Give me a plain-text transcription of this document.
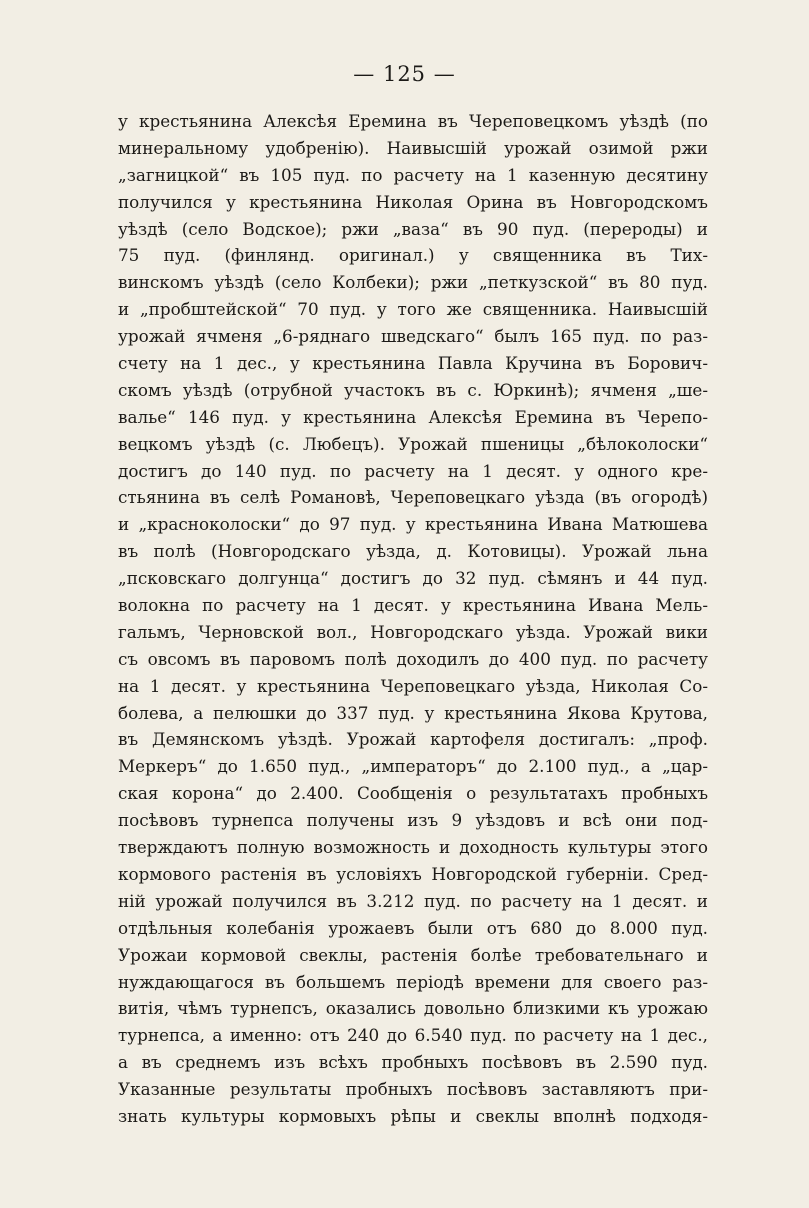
— 125 —
у крестьянина Алексѣя Еремина въ Череповецкомъ уѣздѣ (по
минеральному удобренію). Наивысшій урожай озимой ржи
„загницкой“ въ 105 пуд. по расчету на 1 казенную десятину
получился у крестьянина Николая Орина въ Новгородскомъ
уѣздѣ (село Водское); ржи „ваза“ въ 90 пуд. (перероды) и
75 пуд. (финлянд. оригинал.) у священника въ Тих-
винскомъ уѣздѣ (село Колбеки); ржи „петкузской“ въ 80 пуд.
и „пробштейской“ 70 пуд. у того же священника. Наивысшій
урожай ячменя „6-ряднаго шведскаго“ былъ 165 пуд. по раз-
счету на 1 дес., у крестьянина Павла Кручина въ Борович-
скомъ уѣздѣ (отрубной участокъ въ с. Юркинѣ); ячменя „ше-
валье“ 146 пуд. у крестьянина Алексѣя Еремина въ Черепо-
вецкомъ уѣздѣ (с. Любецъ). Урожай пшеницы „бѣлоколоски“
достигъ до 140 пуд. по расчету на 1 десят. у одного кре-
стьянина въ селѣ Романовѣ, Череповецкаго уѣзда (въ огородѣ)
и „красноколоски“ до 97 пуд. у крестьянина Ивана Матюшева
въ полѣ (Новгородскаго уѣзда, д. Котовицы). Урожай льна
„псковскаго долгунца“ достигъ до 32 пуд. сѣмянъ и 44 пуд.
волокна по расчету на 1 десят. у крестьянина Ивана Мель-
гальмъ, Черновской вол., Новгородскаго уѣзда. Урожай вики
съ овсомъ въ паровомъ полѣ доходилъ до 400 пуд. по расчету
на 1 десят. у крестьянина Череповецкаго уѣзда, Николая Со-
болева, а пелюшки до 337 пуд. у крестьянина Якова Крутова,
въ Демянскомъ уѣздѣ. Урожай картофеля достигалъ: „проф.
Меркеръ“ до 1.650 пуд., „императоръ“ до 2.100 пуд., а „цар-
ская корона“ до 2.400. Сообщенія о результатахъ пробныхъ
посѣвовъ турнепса получены изъ 9 уѣздовъ и всѣ они под-
тверждаютъ полную возможность и доходность культуры этого
кормового растенія въ условіяхъ Новгородской губерніи. Сред-
ній урожай получился въ 3.212 пуд. по расчету на 1 десят. и
отдѣльныя колебанія урожаевъ были отъ 680 до 8.000 пуд.
Урожаи кормовой свеклы, растенія болѣе требовательнаго и
нуждающагося въ большемъ періодѣ времени для своего раз-
витія, чѣмъ турнепсъ, оказались довольно близкими къ урожаю
турнепса, а именно: отъ 240 до 6.540 пуд. по расчету на 1 дес.,
а въ среднемъ изъ всѣхъ пробныхъ посѣвовъ въ 2.590 пуд.
Указанные результаты пробныхъ посѣвовъ заставляютъ при-
знать культуры кормовыхъ рѣпы и свеклы вполнѣ подходя-
